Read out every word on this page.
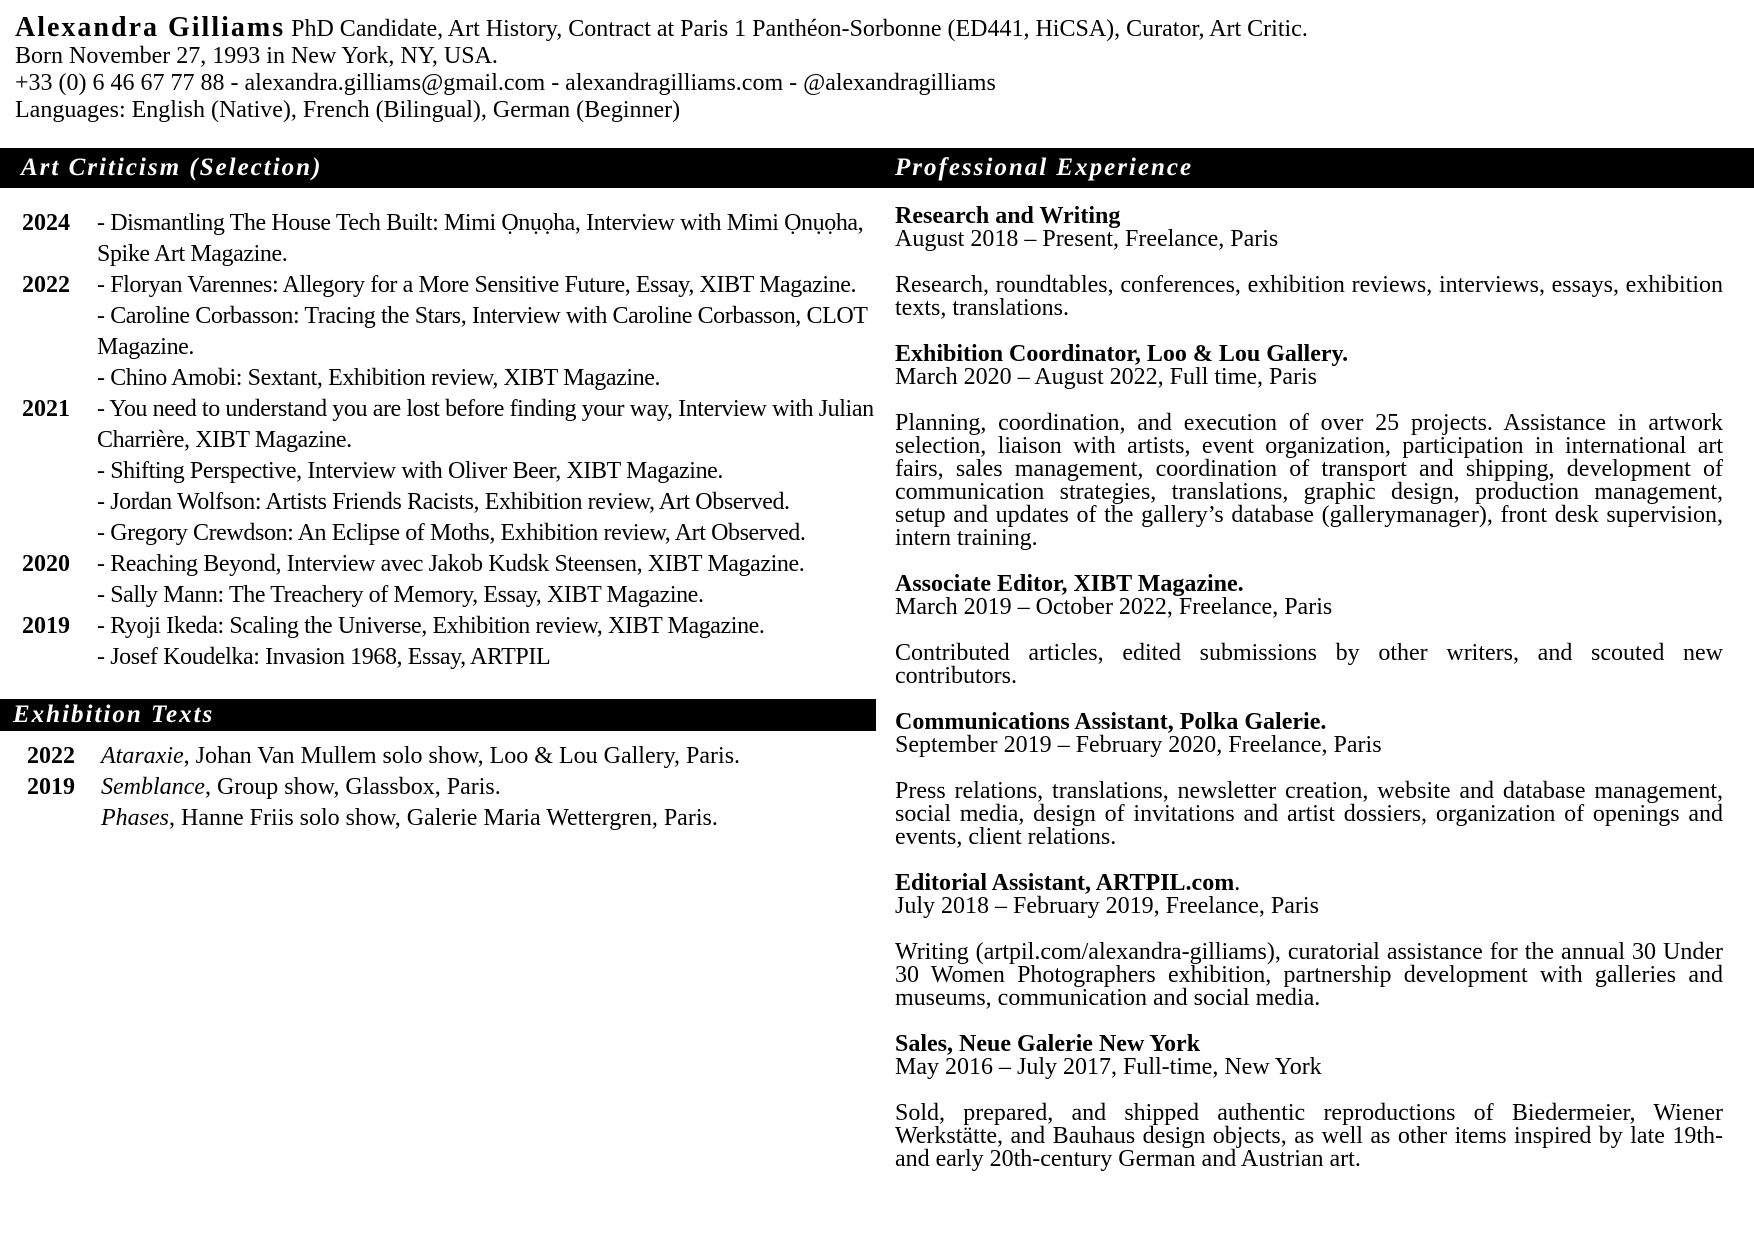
Alexandra Gilliams PhD Candidate, Art History, Contract at Paris 1 Panthéon-Sorbonne (ED441, HiCSA), Curator, Art Critic.
Born November 27, 1993 in New York, NY, USA.
+33 (0) 6 46 67 77 88 - alexandra.gilliams@gmail.com - alexandragilliams.com - @alexandragilliams
Languages: English (Native), French (Bilingual), German (Beginner)
Art Criticism (Selection)	Professional Experience
Exhibition Texts
2024	- Dismantling The House Tech Built: Mimi Ọnụọha, Interview with Mimi Ọnụọha, Spike Art Magazine.
2022	- Floryan Varennes: Allegory for a More Sensitive Future, Essay, XIBT Magazine.
- Caroline Corbasson: Tracing the Stars, Interview with Caroline Corbasson, CLOT Magazine.
- Chino Amobi: Sextant, Exhibition review, XIBT Magazine.
2021	- You need to understand you are lost before finding your way, Interview with Julian Charrière, XIBT Magazine.
- Shifting Perspective, Interview with Oliver Beer, XIBT Magazine.
- Jordan Wolfson: Artists Friends Racists, Exhibition review, Art Observed.
- Gregory Crewdson: An Eclipse of Moths, Exhibition review, Art Observed.
2020	- Reaching Beyond, Interview avec Jakob Kudsk Steensen, XIBT Magazine.
- Sally Mann: The Treachery of Memory, Essay, XIBT Magazine.
2019	- Ryoji Ikeda: Scaling the Universe, Exhibition review, XIBT Magazine.
- Josef Koudelka: Invasion 1968, Essay, ARTPIL
2022	Ataraxie, Johan Van Mullem solo show, Loo & Lou Gallery, Paris.
2019	Semblance, Group show, Glassbox, Paris.
Phases, Hanne Friis solo show, Galerie Maria Wettergren, Paris.
Research and Writing
August 2018 – Present, Freelance, Paris
Research, roundtables, conferences, exhibition reviews, interviews, essays, exhibition texts, translations.
Exhibition Coordinator, Loo & Lou Gallery.
March 2020 – August 2022, Full time, Paris
Planning, coordination, and execution of over 25 projects. Assistance in artwork selection, liaison with artists, event organization, participation in international art fairs, sales management, coordination of transport and shipping, development of communication strategies, translations, graphic design, production management, setup and updates of the gallery’s database (gallerymanager), front desk supervision, intern training.
Associate Editor, XIBT Magazine.
March 2019 – October 2022, Freelance, Paris
Contributed articles, edited submissions by other writers, and scouted new contributors.
Communications Assistant, Polka Galerie.
September 2019 – February 2020, Freelance, Paris
Press relations, translations, newsletter creation, website and database management, social media, design of invitations and artist dossiers, organization of openings and events, client relations.
Editorial Assistant, ARTPIL.com.
July 2018 – February 2019, Freelance, Paris
Writing (artpil.com/alexandra-gilliams), curatorial assistance for the annual 30 Under 30 Women Photographers exhibition, partnership development with galleries and museums, communication and social media.
Sales, Neue Galerie New York
May 2016 – July 2017, Full-time, New York
Sold, prepared, and shipped authentic reproductions of Biedermeier, Wiener Werkstätte, and Bauhaus design objects, as well as other items inspired by late 19th- and early 20th-century German and Austrian art.
